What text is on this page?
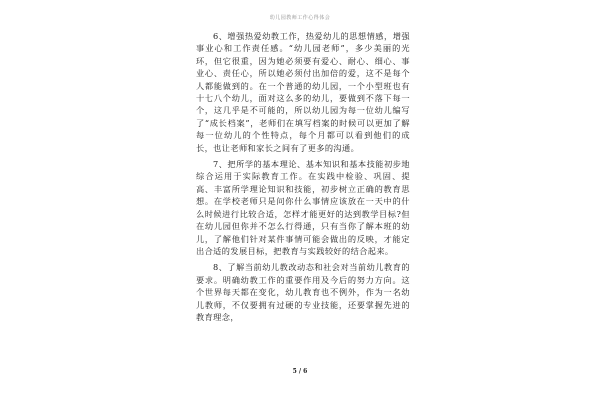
幼儿园教师工作心得体会

6、增强热爱幼教工作，热爱幼儿的思想情感，增强事业心和工作责任感。“幼儿园老师”，多少美丽的光环，但它很重，因为她必须要有爱心、耐心、细心、事业心、责任心，所以她必须付出加倍的爱，这不是每个人都能做到的。在一个普通的幼儿园，一个小型班也有十七八个幼儿，面对这么多的幼儿，要做到不落下每一个，这几乎是不可能的，所以幼儿园为每一位幼儿编写了“成长档案”，老师们在填写档案的时候可以更加了解每一位幼儿的个性特点，每个月都可以看到他们的成长，也让老师和家长之间有了更多的沟通。

7、把所学的基本理论、基本知识和基本技能初步地综合运用于实际教育工作。在实践中检验、巩固、提高、丰富所学理论知识和技能，初步树立正确的教育思想。在学校老师只是问你什么事情应该放在一天中的什么时候进行比较合适，怎样才能更好的达到教学目标?但在幼儿园但你并不怎么行得通，只有当你了解本班的幼儿，了解他们针对某件事情可能会做出的反映，才能定出合适的发展目标，把教育与实践较好的结合起来。

8、了解当前幼儿教改动态和社会对当前幼儿教育的要求。明确幼教工作的重要作用及今后的努力方向。这个世界每天都在变化，幼儿教育也不例外，作为一名幼儿教师，不仅要拥有过硬的专业技能，还要掌握先进的教育理念，

5 / 6
